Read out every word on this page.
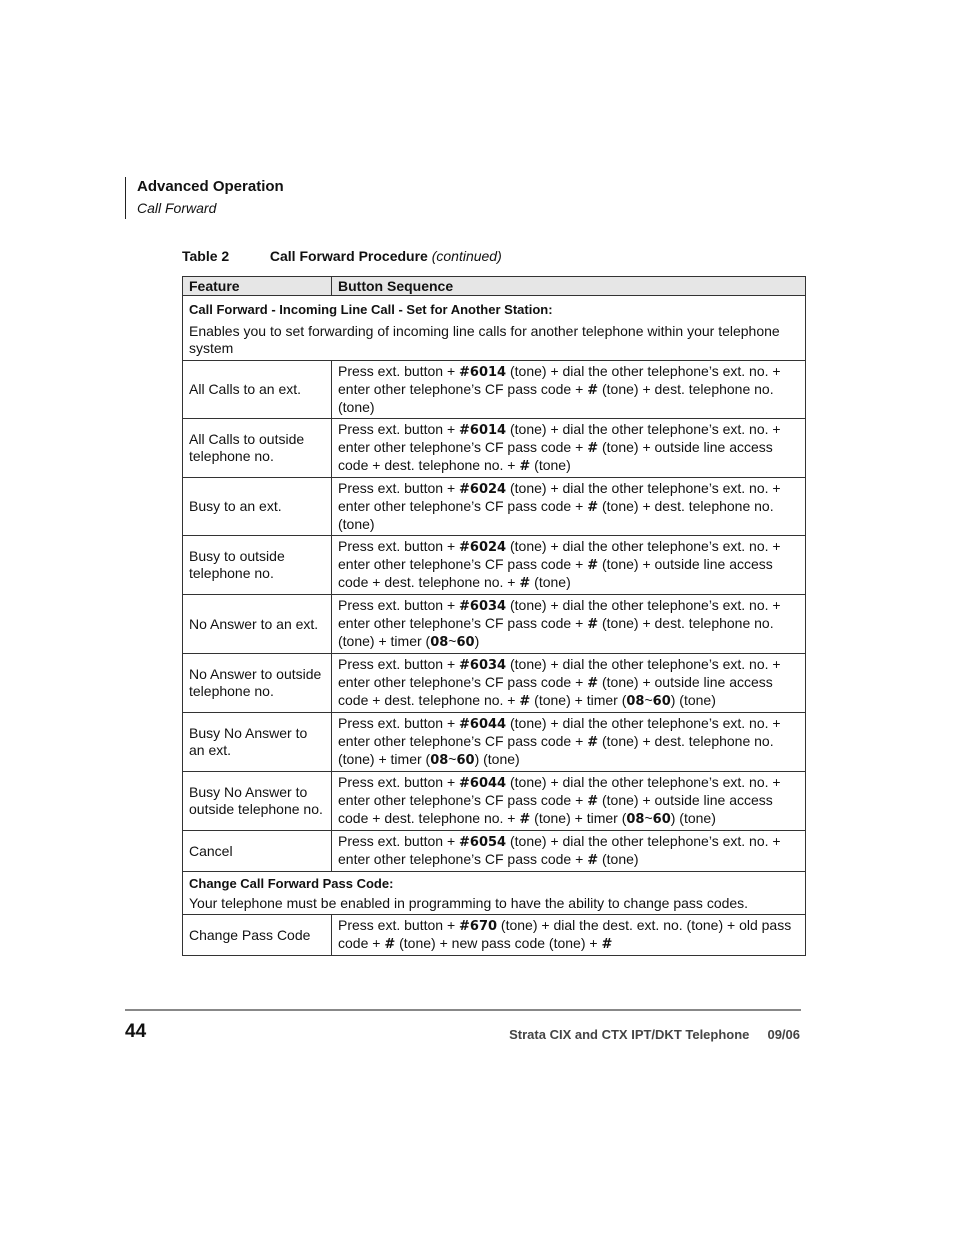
Advanced Operation
Call Forward
Table 2	Call Forward Procedure (continued)
Feature	Button Sequence

Call Forward - Incoming Line Call - Set for Another Station:
Enables you to set forwarding of incoming line calls for another telephone within your telephone system	

All Calls to an ext.	Press ext. button + #6014 (tone) + dial the other telephone’s ext. no. + enter other telephone’s CF pass code + # (tone) + dest. telephone no. (tone)
All Calls to outside telephone no.	Press ext. button + #6014 (tone) + dial the other telephone’s ext. no. + enter other telephone’s CF pass code + # (tone) + outside line access code + dest. telephone no. + # (tone)
Busy to an ext.	Press ext. button + #6024 (tone) + dial the other telephone’s ext. no. + enter other telephone’s CF pass code + # (tone) + dest. telephone no. (tone)
Busy to outside telephone no.	Press ext. button + #6024 (tone) + dial the other telephone’s ext. no. + enter other telephone’s CF pass code + # (tone) + outside line access code + dest. telephone no. + # (tone)
No Answer to an ext.	Press ext. button + #6034 (tone) + dial the other telephone’s ext. no. + enter other telephone’s CF pass code + # (tone) + dest. telephone no. (tone) + timer (08~60)
No Answer to outside telephone no.	Press ext. button + #6034 (tone) + dial the other telephone’s ext. no. + enter other telephone’s CF pass code + # (tone) + outside line access code + dest. telephone no. + # (tone) + timer (08~60) (tone)
Busy No Answer to an ext.	Press ext. button + #6044 (tone) + dial the other telephone’s ext. no. + enter other telephone’s CF pass code + # (tone) + dest. telephone no. (tone) + timer (08~60) (tone)
Busy No Answer to outside telephone no.	Press ext. button + #6044 (tone) + dial the other telephone’s ext. no. + enter other telephone’s CF pass code + # (tone) + outside line access code + dest. telephone no. + # (tone) + timer (08~60) (tone)
Cancel	Press ext. button + #6054 (tone) + dial the other telephone’s ext. no. + enter other telephone’s CF pass code + # (tone)

Change Call Forward Pass Code:
Your telephone must be enabled in programming to have the ability to change pass codes.	

Change Pass Code	Press ext. button + #670 (tone) + dial the dest. ext. no. (tone) + old pass code + # (tone) + new pass code (tone) + #
44	Strata CIX and CTX IPT/DKT Telephone     09/06
